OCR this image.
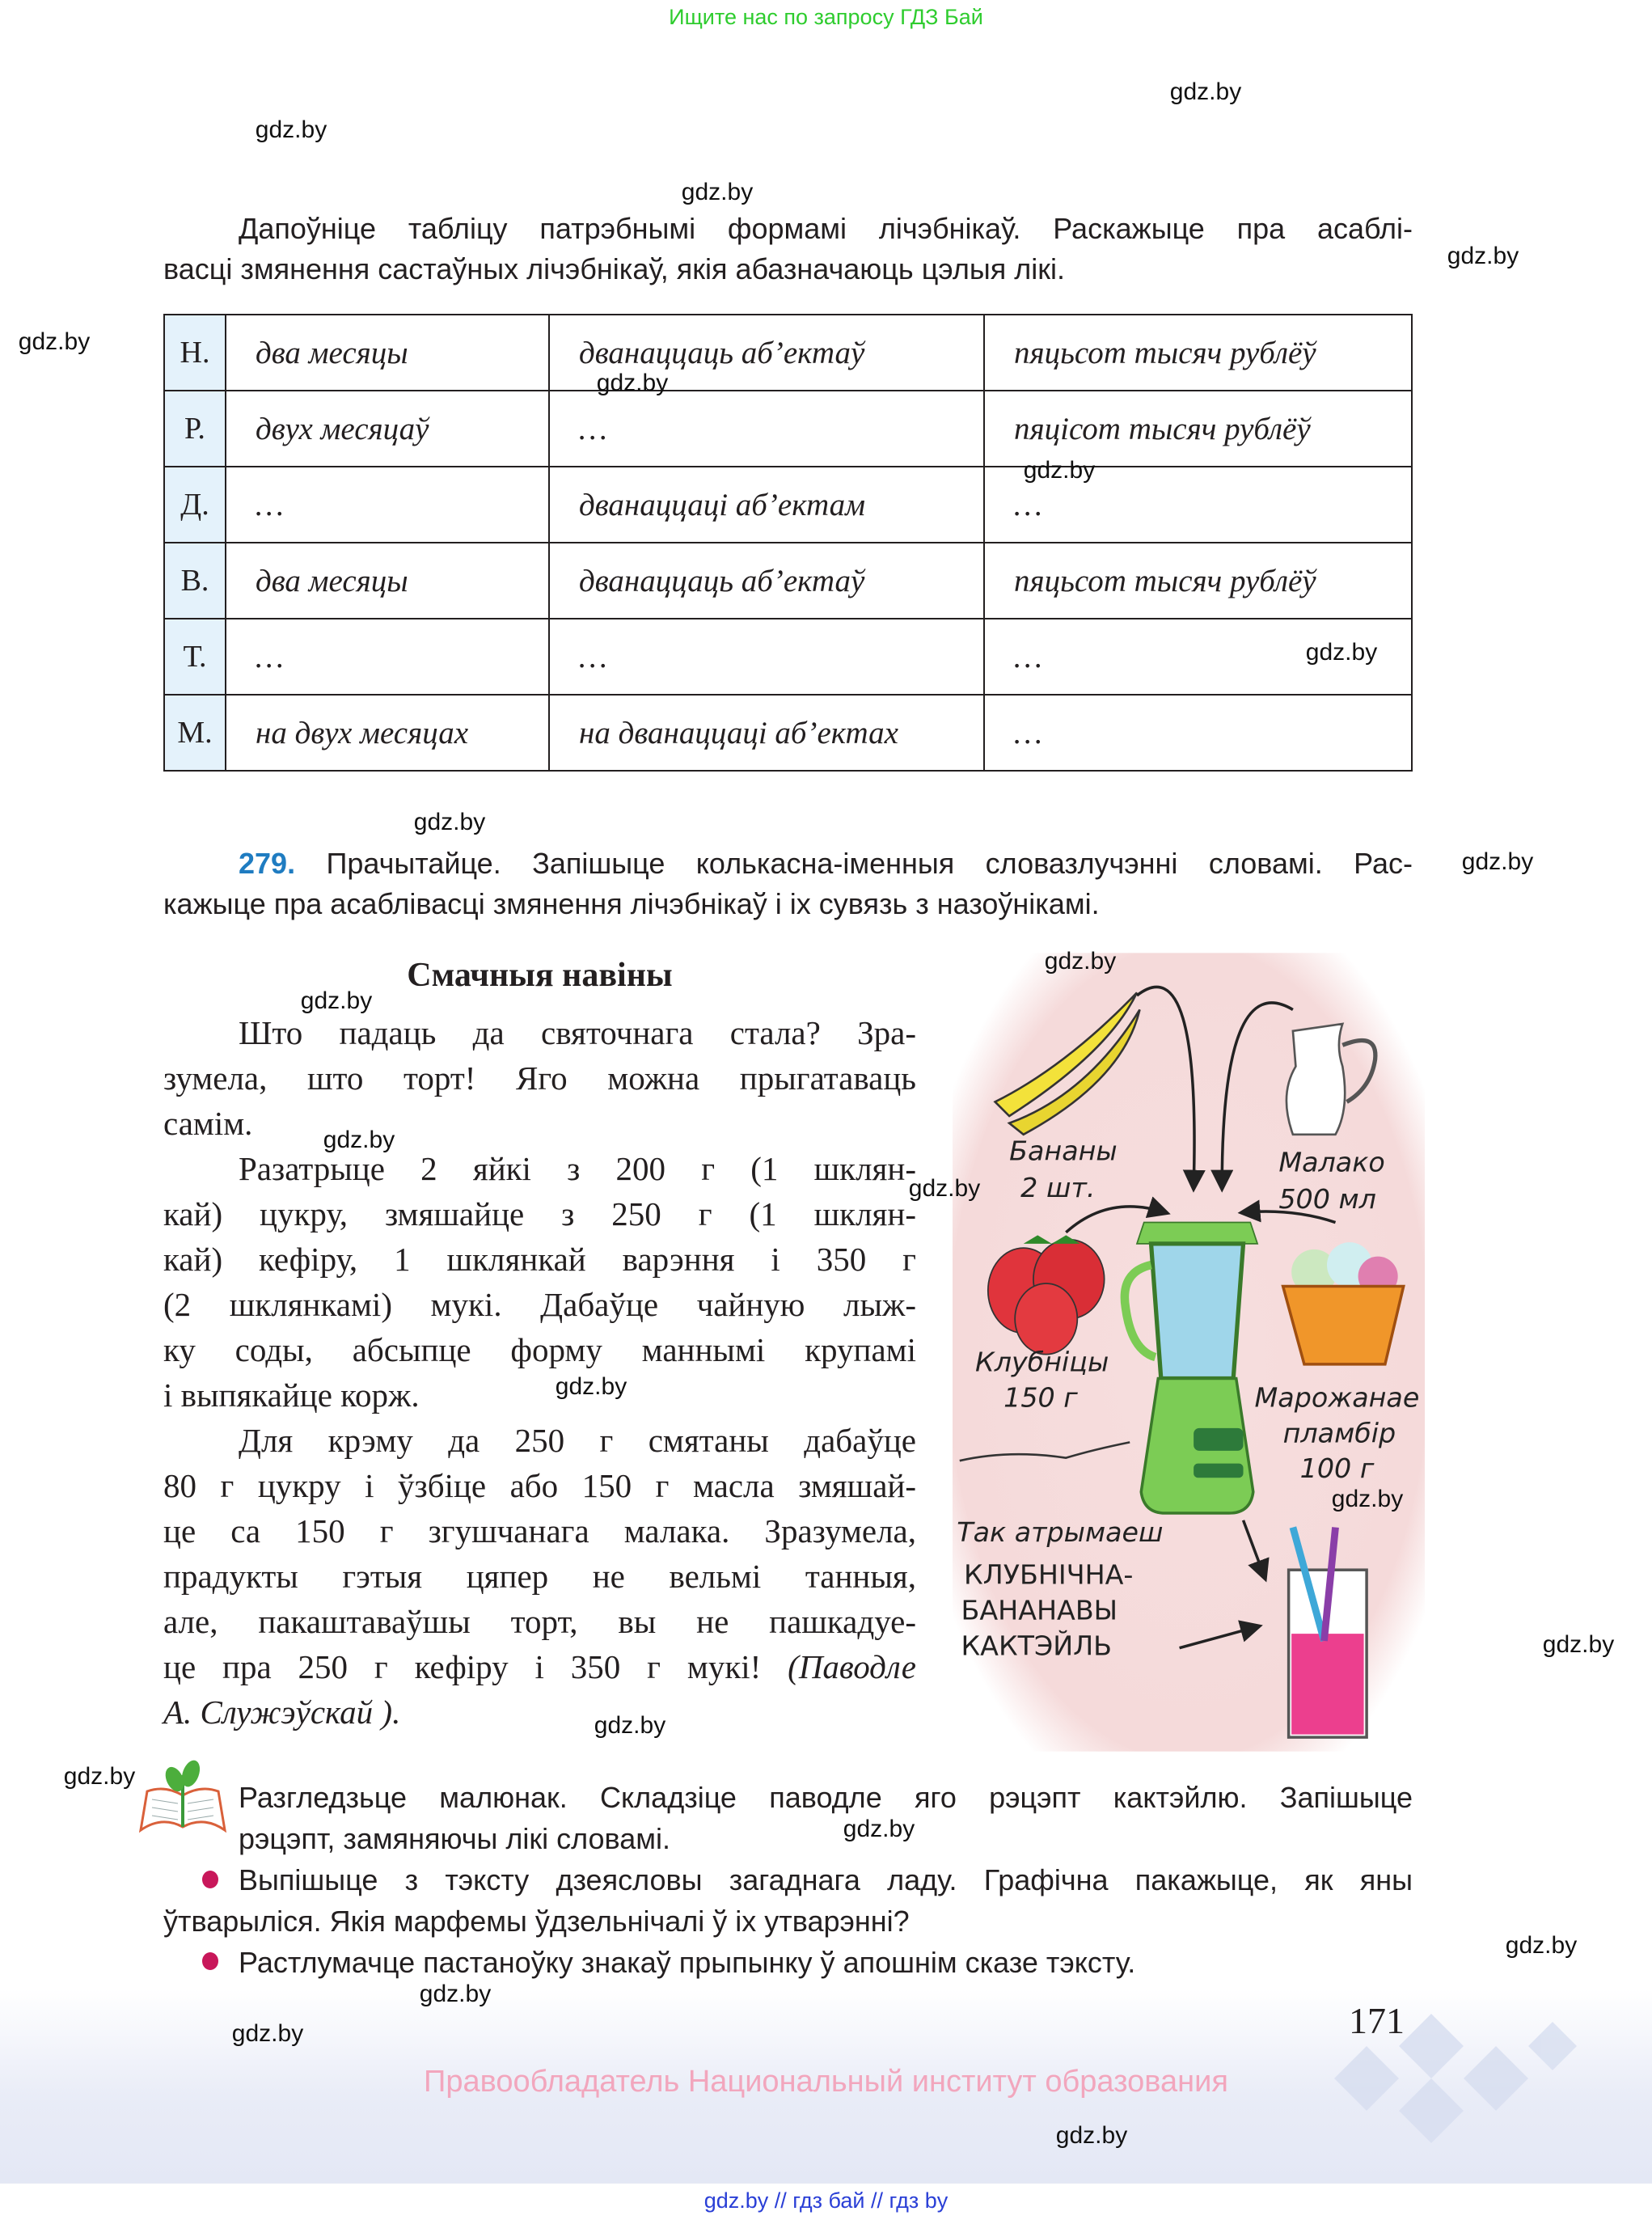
Ищите нас по запросу ГДЗ Бай
Дапоўніце табліцу патрэбнымі формамі лічэбнікаў. Раскажыце пра асаблі-
васці змянення састаўных лічэбнікаў, якія абазначаюць цэлыя лікі.
Н.	два месяцы	дванаццаць аб’ектаў	пяцьсот тысяч рублёў
Р.	двух месяцаў	…	пяцісот тысяч рублёў
Д.	…	дванаццаці аб’ектам	…
В.	два месяцы	дванаццаць аб’ектаў	пяцьсот тысяч рублёў
Т.	…	…	…
М.	на двух месяцах	на дванаццаці аб’ектах	…
279. Прачытайце. Запішыце колькасна-іменныя словазлучэнні словамі. Рас-
кажыце пра асаблівасці змянення лічэбнікаў і іх сувязь з назоўнікамі.
Смачныя навіны
Што падаць да святочнага стала? Зра-
зумела, што торт! Яго можна прыгатаваць
самім.
Разатрыце 2 яйкі з 200 г (1 шклян-
кай) цукру, змяшайце з 250 г (1 шклян-
кай) кефіру, 1 шклянкай варэння і 350 г
(2 шклянкамі) мукі. Дабаўце чайную лыж-
ку соды, абсыпце форму маннымі крупамі
і выпякайце корж.
Для крэму да 250 г смятаны дабаўце
80 г цукру і ўзбіце або 150 г масла змяшай-
це са 150 г згушчанага малака. Зразумела,
прадукты гэтыя цяпер не вельмі танныя,
але, пакаштаваўшы торт, вы не пашкадуе-
це пра 250 г кефіру і 350 г мукі! (Паводле
А. Служэўскай ).
Бананы
2 шт.
Малако
500 мл
Клубніцы
150 г	Марожанае
пламбір
100 г
Так атрымаеш
КЛУБНІЧНА-
БАНАНАВЫ
КАКТЭЙЛЬ
Разгледзьце малюнак. Складзіце паводле яго рэцэпт кактэйлю. Запішыце
рэцэпт, замяняючы лікі словамі.
Выпішыце з тэксту дзеясловы загаднага ладу. Графічна пакажыце, як яны
ўтварыліся. Якія марфемы ўдзельнічалі ў іх утварэнні?
Растлумачце пастаноўку знакаў прыпынку ў апошнім сказе тэксту.
171
Правообладатель Национальный институт образования
gdz.by // гдз бай // гдз by
gdz.by
gdz.by
gdz.by
gdz.by
gdz.by
gdz.by
gdz.by
gdz.by
gdz.by
gdz.by
gdz.by
gdz.by
gdz.by
gdz.by
gdz.by
gdz.by
gdz.by
gdz.by
gdz.by
gdz.by
gdz.by
gdz.by
gdz.by
gdz.by
